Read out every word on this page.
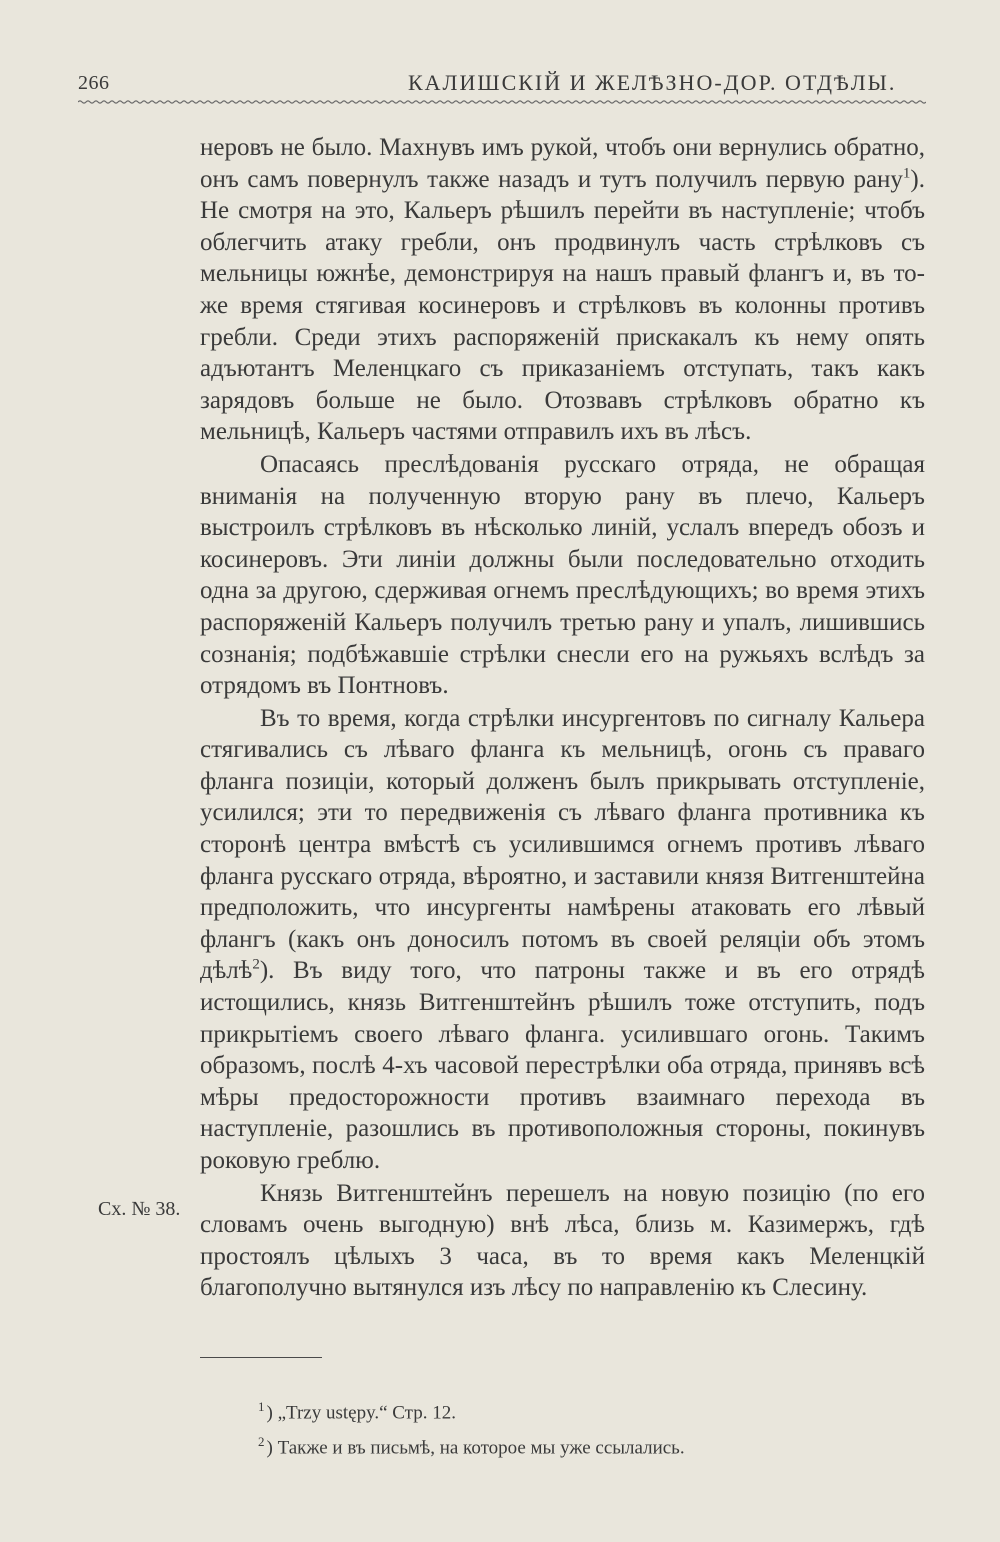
266	КАЛИШСКІЙ И ЖЕЛѢЗНО-ДОР. ОТДѢЛЫ.

неровъ не было. Махнувъ имъ рукой, чтобъ они вернулись обратно, онъ самъ повернулъ также назадъ и тутъ получилъ первую рану$^1$). Не смотря на это, Кальеръ рѣшилъ перейти въ наступленіе; чтобъ облегчить атаку гребли, онъ продвинулъ часть стрѣлковъ съ мельницы южнѣе, демонстрируя на нашъ правый флангъ и, въ то-же время стягивая косинеровъ и стрѣлковъ въ колонны противъ гребли. Среди этихъ распоряженій прискакалъ къ нему опять адъютантъ Меленцкаго съ приказаніемъ отступать, такъ какъ зарядовъ больше не было. Отозвавъ стрѣлковъ обратно къ мельницѣ, Кальеръ частями отправилъ ихъ въ лѣсъ.

Опасаясь преслѣдованія русскаго отряда, не обращая вниманія на полученную вторую рану въ плечо, Кальеръ выстроилъ стрѣлковъ въ нѣсколько линій, услалъ впередъ обозъ и косинеровъ. Эти линіи должны были последовательно отходить одна за другою, сдерживая огнемъ преслѣдующихъ; во время этихъ распоряженій Кальеръ получилъ третью рану и упалъ, лишившись сознанія; подбѣжавшіе стрѣлки снесли его на ружьяхъ вслѣдъ за отрядомъ въ Понтновъ.

Въ то время, когда стрѣлки инсургентовъ по сигналу Кальера стягивались съ лѣваго фланга къ мельницѣ, огонь съ праваго фланга позиціи, который долженъ былъ прикрывать отступленіе, усилился; эти то передвиженія съ лѣваго фланга противника къ сторонѣ центра вмѣстѣ съ усилившимся огнемъ противъ лѣваго фланга русскаго отряда, вѣроятно, и заставили князя Витгенштейна предположить, что инсургенты намѣрены атаковать его лѣвый флангъ (какъ онъ доносилъ потомъ въ своей реляціи объ этомъ дѣлѣ$^2$). Въ виду того, что патроны также и въ его отрядѣ истощились, князь Витгенштейнъ рѣшилъ тоже отступить, подъ прикрытіемъ своего лѣваго фланга. усилившаго огонь. Такимъ образомъ, послѣ 4-хъ часовой перестрѣлки оба отряда, принявъ всѣ мѣры предосторожности противъ взаимнаго перехода въ наступленіе, разошлись въ противоположныя стороны, покинувъ роковую греблю.

Князь Витгенштейнъ перешелъ на новую позицію (по его словамъ очень выгодную) внѣ лѣса, близь м. Казимержъ, гдѣ простоялъ цѣлыхъ 3 часа, въ то время какъ Меленцкій благополучно вытянулся изъ лѣсу по направленію къ Слесину.

Сх. № 38.
$^1$ ) „Trzy ustępy.“ Стр. 12.
$^2$ ) Также и въ письмѣ, на которое мы уже ссылались.
